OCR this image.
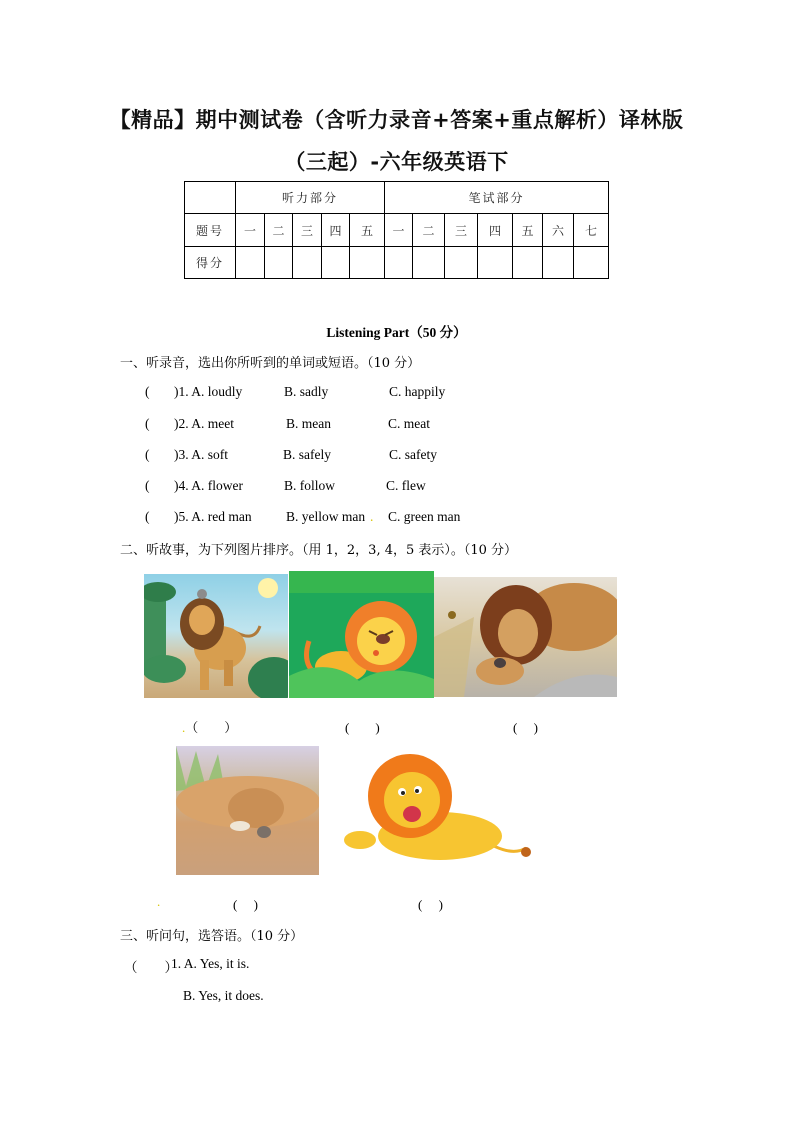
【精品】期中测试卷（含听力录音+答案+重点解析）译林版
（三起）-六年级英语下
	听力部分					笔试部分						
题号	一	二	三	四	五	一	二	三	四	五	六	七
得分												
Listening Part（50 分）
一、听录音，选出你所听到的单词或短语。（10 分）
( )1. A. loudly	B. sadly	C. happily
( )2. A. meet	B. mean	C. meat
( )3. A. soft	B. safely	C. safety
( )4. A. flower	B. follow	C. flew
( )5. A. red man	B. yellow man . C. green man
二、听故事，为下列图片排序。（用 1，2，3, 4，5 表示）。（10 分）
.（　　）	(　　)	(　 )
.	(　 )	(　 )
三、听问句，选答语。（10 分）
（　　）
1. A. Yes, it is.
B. Yes, it does.
